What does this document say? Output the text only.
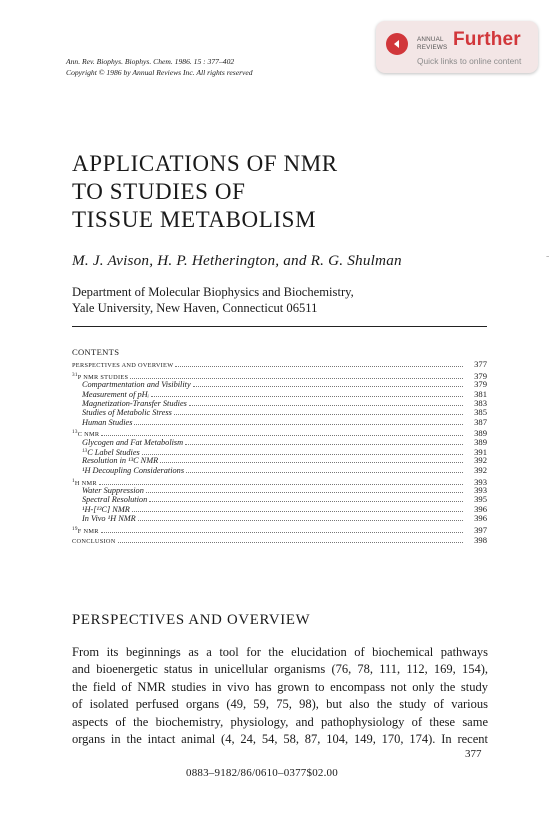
Ann. Rev. Biophys. Biophys. Chem. 1986. 15 : 377–402
Copyright © 1986 by Annual Reviews Inc. All rights reserved
ANNUAL
REVIEWS Further
Quick links to online content
APPLICATIONS OF NMR
TO STUDIES OF
TISSUE METABOLISM
M. J. Avison, H. P. Hetherington, and R. G. Shulman
Department of Molecular Biophysics and Biochemistry,
Yale University, New Haven, Connecticut 06511
CONTENTS
PERSPECTIVES AND OVERVIEW	377
$^{31}$P NMR STUDIES	379
Compartmentation and Visibility	379
Measurement of pHᵢ	381
Magnetization-Transfer Studies	383
Studies of Metabolic Stress	385
Human Studies	387
$^{13}$C NMR	389
Glycogen and Fat Metabolism	389
$^{13}$C Label Studies	391
Resolution in ¹³C NMR	392
¹H Decoupling Considerations	392
$^1$H NMR	393
Water Suppression	393
Spectral Resolution	395
¹H-[¹³C] NMR	396
In Vivo ¹H NMR	396
$^{19}$F NMR	397
CONCLUSION	398
PERSPECTIVES AND OVERVIEW
From its beginnings as a tool for the elucidation of biochemical pathways
and bioenergetic status in unicellular organisms (76, 78, 111, 112, 169, 154),
the field of NMR studies in vivo has grown to encompass not only the study
of isolated perfused organs (49, 59, 75, 98), but also the study of various
aspects of the biochemistry, physiology, and pathophysiology of these same
organs in the intact animal (4, 24, 54, 58, 87, 104, 149, 170, 174). In recent
377
0883–9182/86/0610–0377$02.00
-
